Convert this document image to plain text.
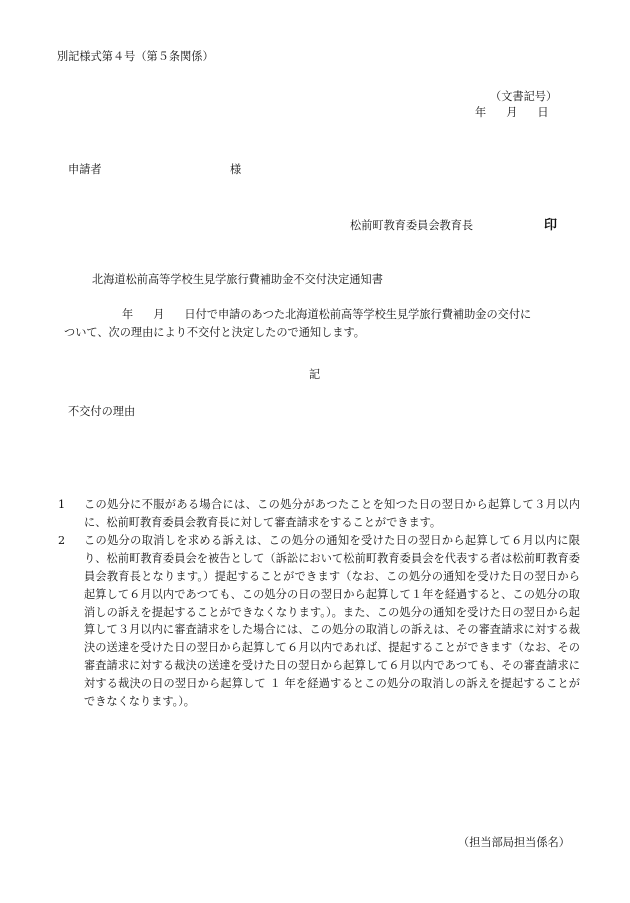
別記様式第４号（第５条関係）
（文書記号）
年 月 日
申請者	様
松前町教育委員会教育長	印
北海道松前高等学校生見学旅行費補助金不交付決定通知書

年 月 日付で申請のあつた北海道松前高等学校生見学旅行費補助金の交付に

ついて、次の理由により不交付と決定したので通知します。

記
不交付の理由
1	この処分に不服がある場合には、この処分があつたことを知つた日の翌日から起算して３月以内に、松前町教育委員会教育長に対して審査請求をすることができます。
2	この処分の取消しを求める訴えは、この処分の通知を受けた日の翌日から起算して６月以内に限り、松前町教育委員会を被告として（訴訟において松前町教育委員会を代表する者は松前町教育委員会教育長となります。）提起することができます（なお、この処分の通知を受けた日の翌日から起算して６月以内であつても、この処分の日の翌日から起算して１年を経過すると、この処分の取消しの訴えを提起することができなくなります。）。また、この処分の通知を受けた日の翌日から起算して３月以内に審査請求をした場合には、この処分の取消しの訴えは、その審査請求に対する裁決の送達を受けた日の翌日から起算して６月以内であれば、提起することができます（なお、その審査請求に対する裁決の送達を受けた日の翌日から起算して６月以内であつても、その審査請求に対する裁決の日の翌日から起算して １ 年を経過するとこの処分の取消しの訴えを提起することができなくなります。）。
（担当部局担当係名）
